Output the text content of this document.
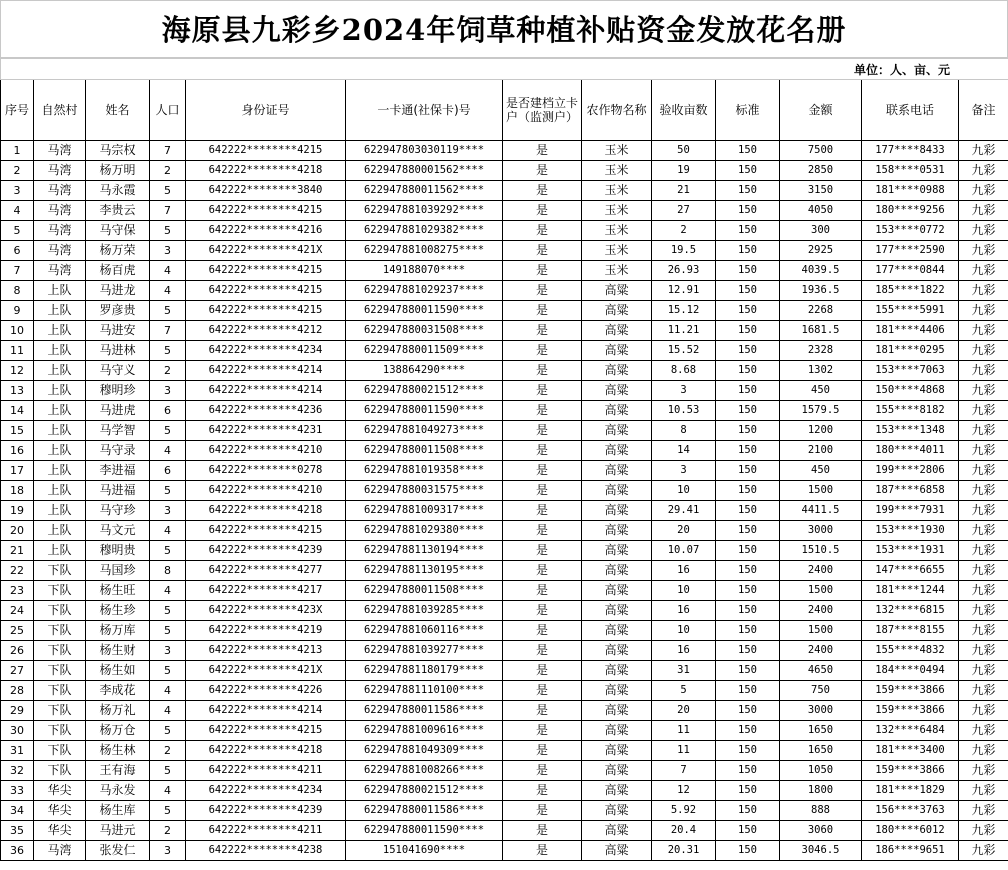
海原县九彩乡2024年饲草种植补贴资金发放花名册
单位：人、亩、元												
序号	自然村	姓名	人口	身份证号	一卡通(社保卡)号	是否建档立卡户（监测户）	农作物名称	验收亩数	标准	金额	联系电话	备注
1	马湾	马宗权	7	642222********4215	622947803030119****	是	玉米	50	150	7500	177****8433	九彩
2	马湾	杨万明	2	642222********4218	622947880001562****	是	玉米	19	150	2850	158****0531	九彩
3	马湾	马永霞	5	642222********3840	622947880011562****	是	玉米	21	150	3150	181****0988	九彩
4	马湾	李贵云	7	642222********4215	622947881039292****	是	玉米	27	150	4050	180****9256	九彩
5	马湾	马守保	5	642222********4216	622947881029382****	是	玉米	2	150	300	153****0772	九彩
6	马湾	杨万荣	3	642222********421X	622947881008275****	是	玉米	19.5	150	2925	177****2590	九彩
7	马湾	杨百虎	4	642222********4215	149188070****	是	玉米	26.93	150	4039.5	177****0844	九彩
8	上队	马进龙	4	642222********4215	622947881029237****	是	高粱	12.91	150	1936.5	185****1822	九彩
9	上队	罗彦贵	5	642222********4215	622947880011590****	是	高粱	15.12	150	2268	155****5991	九彩
10	上队	马进安	7	642222********4212	622947880031508****	是	高粱	11.21	150	1681.5	181****4406	九彩
11	上队	马进林	5	642222********4234	622947880011509****	是	高粱	15.52	150	2328	181****0295	九彩
12	上队	马守义	2	642222********4214	138864290****	是	高粱	8.68	150	1302	153****7063	九彩
13	上队	穆明珍	3	642222********4214	622947880021512****	是	高粱	3	150	450	150****4868	九彩
14	上队	马进虎	6	642222********4236	622947880011590****	是	高粱	10.53	150	1579.5	155****8182	九彩
15	上队	马学智	5	642222********4231	622947881049273****	是	高粱	8	150	1200	153****1348	九彩
16	上队	马守录	4	642222********4210	622947880011508****	是	高粱	14	150	2100	180****4011	九彩
17	上队	李进福	6	642222********0278	622947881019358****	是	高粱	3	150	450	199****2806	九彩
18	上队	马进福	5	642222********4210	622947880031575****	是	高粱	10	150	1500	187****6858	九彩
19	上队	马守珍	3	642222********4218	622947881009317****	是	高粱	29.41	150	4411.5	199****7931	九彩
20	上队	马文元	4	642222********4215	622947881029380****	是	高粱	20	150	3000	153****1930	九彩
21	上队	穆明贵	5	642222********4239	622947881130194****	是	高粱	10.07	150	1510.5	153****1931	九彩
22	下队	马国珍	8	642222********4277	622947881130195****	是	高粱	16	150	2400	147****6655	九彩
23	下队	杨生旺	4	642222********4217	622947880011508****	是	高粱	10	150	1500	181****1244	九彩
24	下队	杨生珍	5	642222********423X	622947881039285****	是	高粱	16	150	2400	132****6815	九彩
25	下队	杨万库	5	642222********4219	622947881060116****	是	高粱	10	150	1500	187****8155	九彩
26	下队	杨生财	3	642222********4213	622947881039277****	是	高粱	16	150	2400	155****4832	九彩
27	下队	杨生如	5	642222********421X	622947881180179****	是	高粱	31	150	4650	184****0494	九彩
28	下队	李成花	4	642222********4226	622947881110100****	是	高粱	5	150	750	159****3866	九彩
29	下队	杨万礼	4	642222********4214	622947880011586****	是	高粱	20	150	3000	159****3866	九彩
30	下队	杨万仓	5	642222********4215	622947881009616****	是	高粱	11	150	1650	132****6484	九彩
31	下队	杨生林	2	642222********4218	622947881049309****	是	高粱	11	150	1650	181****3400	九彩
32	下队	王有海	5	642222********4211	622947881008266****	是	高粱	7	150	1050	159****3866	九彩
33	华尖	马永发	4	642222********4234	622947880021512****	是	高粱	12	150	1800	181****1829	九彩
34	华尖	杨生库	5	642222********4239	622947880011586****	是	高粱	5.92	150	888	156****3763	九彩
35	华尖	马进元	2	642222********4211	622947880011590****	是	高粱	20.4	150	3060	180****6012	九彩
36	马湾	张发仁	3	642222********4238	151041690****	是	高粱	20.31	150	3046.5	186****9651	九彩
